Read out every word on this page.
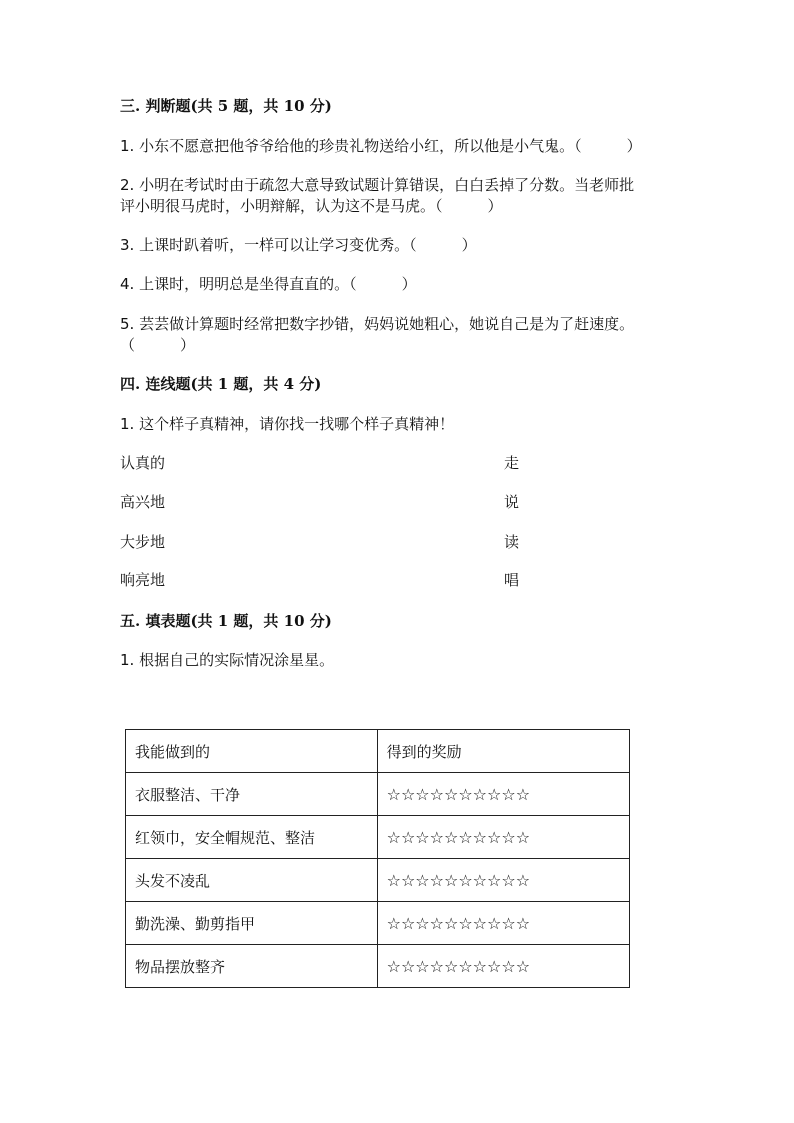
三. 判断题(共 5 题，共 10 分)
1. 小东不愿意把他爷爷给他的珍贵礼物送给小红，所以他是小气鬼。（　　　）
2. 小明在考试时由于疏忽大意导致试题计算错误，白白丢掉了分数。当老师批
评小明很马虎时，小明辩解，认为这不是马虎。（　　　）
3. 上课时趴着听，一样可以让学习变优秀。（　　　）
4. 上课时，明明总是坐得直直的。（　　　）
5. 芸芸做计算题时经常把数字抄错，妈妈说她粗心，她说自己是为了赶速度。
（　　　）
四. 连线题(共 1 题，共 4 分)
1. 这个样子真精神，请你找一找哪个样子真精神！
认真的	走
高兴地	说
大步地	读
响亮地	唱
五. 填表题(共 1 题，共 10 分)
1. 根据自己的实际情况涂星星。
我能做到的	得到的奖励
衣服整洁、干净	☆☆☆☆☆☆☆☆☆☆
红领巾，安全帽规范、整洁	☆☆☆☆☆☆☆☆☆☆
头发不凌乱	☆☆☆☆☆☆☆☆☆☆
勤洗澡、勤剪指甲	☆☆☆☆☆☆☆☆☆☆
物品摆放整齐	☆☆☆☆☆☆☆☆☆☆
